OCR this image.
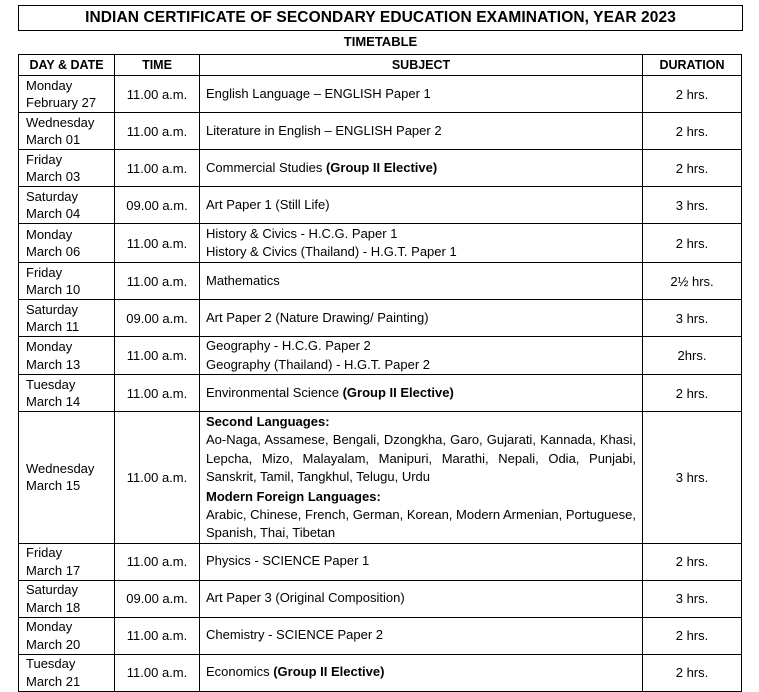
INDIAN CERTIFICATE OF SECONDARY EDUCATION EXAMINATION, YEAR 2023
TIMETABLE
DAY & DATE	TIME	SUBJECT	DURATION

Monday
February 27	11.00 a.m.	English Language – ENGLISH Paper 1	2 hrs.

Wednesday
March 01	11.00 a.m.	Literature in English – ENGLISH Paper 2	2 hrs.

Friday
March 03	11.00 a.m.	Commercial Studies (Group II Elective)	2 hrs.

Saturday
March 04	09.00 a.m.	Art Paper 1 (Still Life)	3 hrs.

Monday
March 06	11.00 a.m.	History & Civics - H.C.G. Paper 1
History & Civics (Thailand) - H.G.T. Paper 1	2 hrs.

Friday
March 10	11.00 a.m.	Mathematics	2½ hrs.

Saturday
March 11	09.00 a.m.	Art Paper 2 (Nature Drawing/ Painting)	3 hrs.

Monday
March 13	11.00 a.m.	Geography - H.C.G. Paper 2
Geography (Thailand) - H.G.T. Paper 2	2hrs.

Tuesday
March 14	11.00 a.m.	Environmental Science (Group II Elective)	2 hrs.

Wednesday
March 15	11.00 a.m.	Second Languages:
Ao-Naga, Assamese, Bengali, Dzongkha, Garo, Gujarati, Kannada, Khasi, Lepcha, Mizo, Malayalam, Manipuri, Marathi, Nepali, Odia, Punjabi, Sanskrit, Tamil, Tangkhul, Telugu, Urdu
Modern Foreign Languages:
Arabic, Chinese, French, German, Korean, Modern Armenian, Portuguese, Spanish, Thai, Tibetan	3 hrs.

Friday
March 17	11.00 a.m.	Physics - SCIENCE Paper 1	2 hrs.

Saturday
March 18	09.00 a.m.	Art Paper 3 (Original Composition)	3 hrs.

Monday
March 20	11.00 a.m.	Chemistry - SCIENCE Paper 2	2 hrs.

Tuesday
March 21	11.00 a.m.	Economics (Group II Elective)	2 hrs.
